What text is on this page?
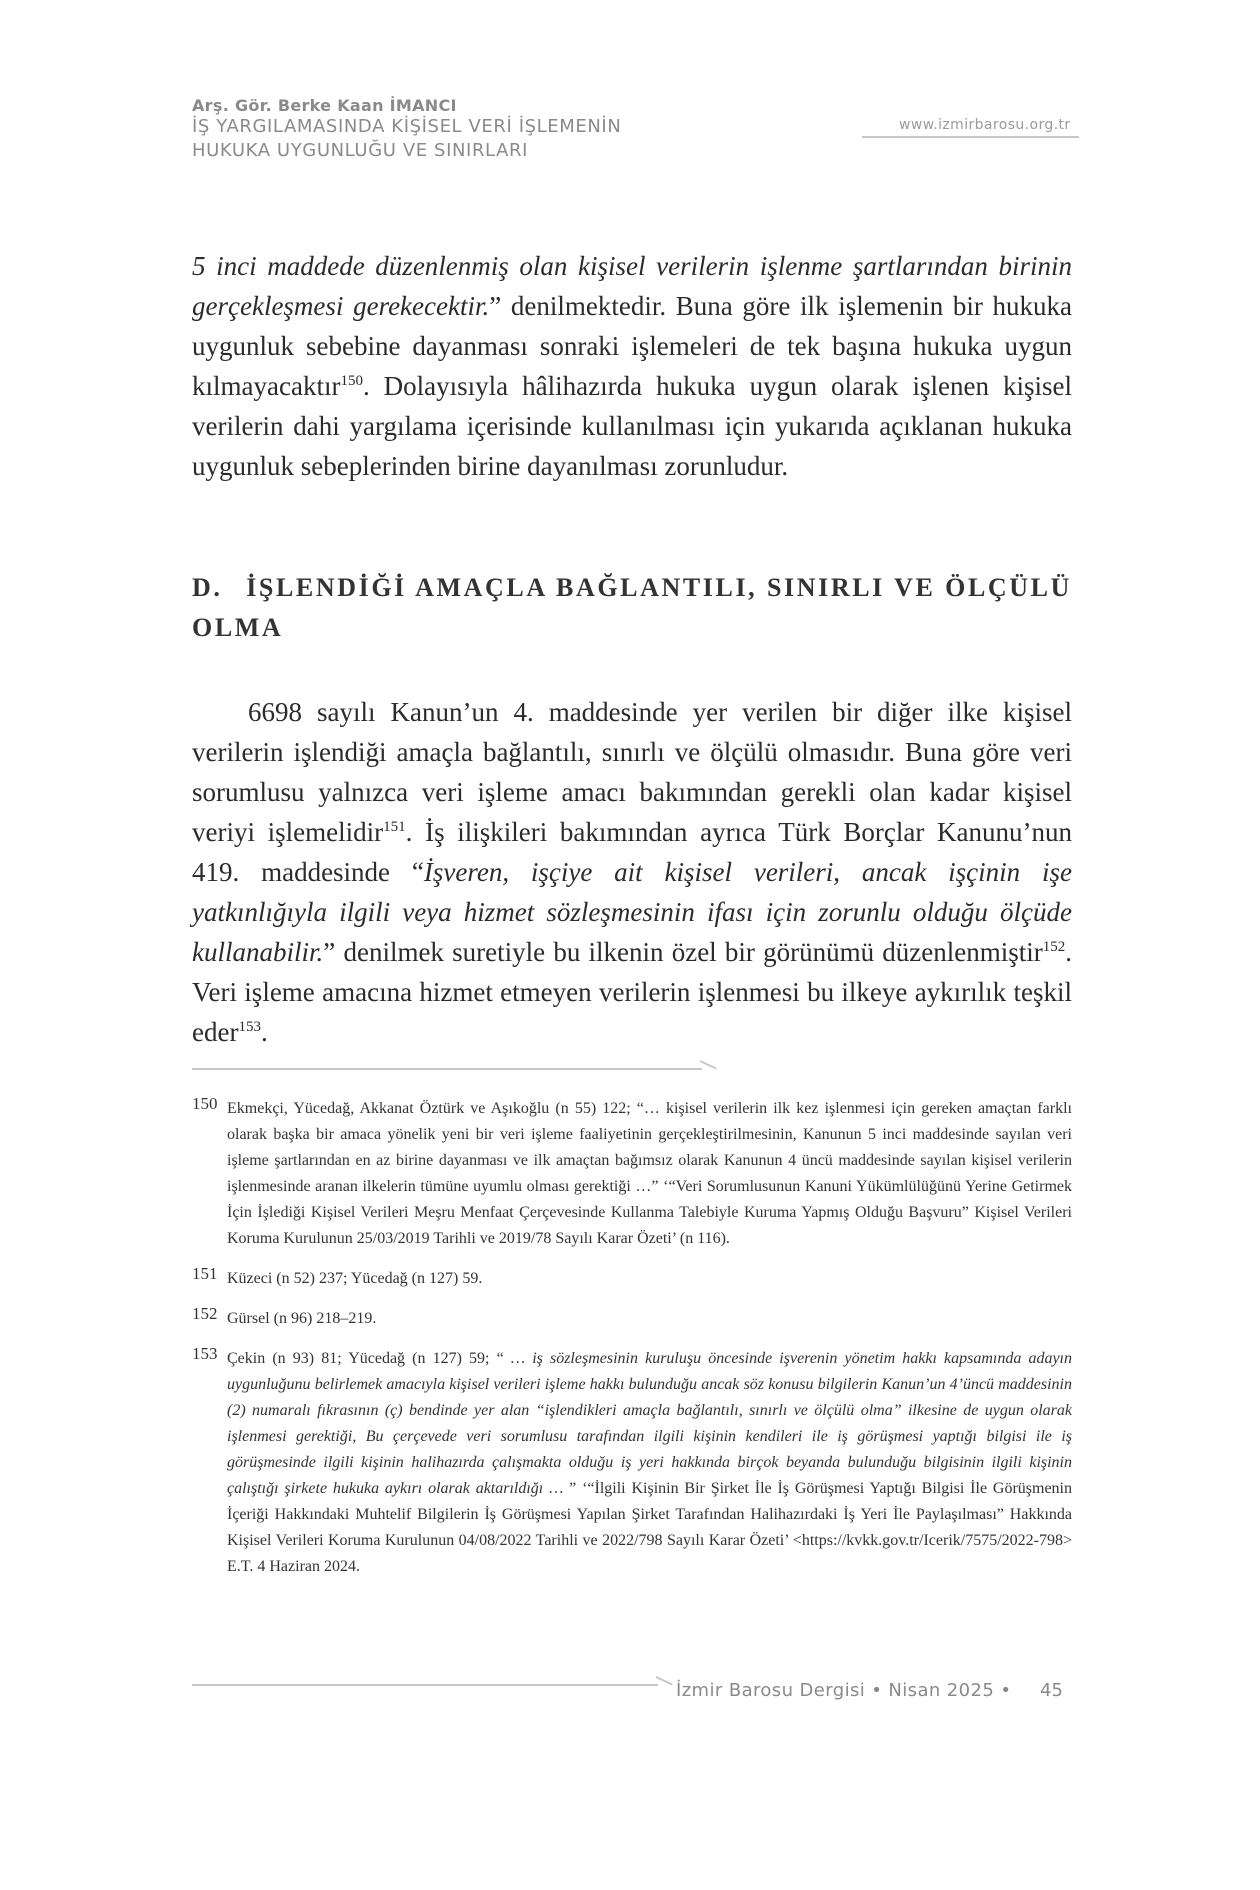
Arş. Gör. Berke Kaan İMANCI
İŞ YARGILAMASINDA KİŞİSEL VERİ İŞLEMENİN
HUKUKA UYGUNLUĞU VE SINIRLARI
www.izmirbarosu.org.tr

5 inci maddede düzenlenmiş olan kişisel verilerin işlenme şartlarından birinin gerçekleşmesi gerekecektir.” denilmektedir. Buna göre ilk işlemenin bir hukuka uygunluk sebebine dayanması sonraki işlemeleri de tek başına hukuka uygun kılmayacaktır$^{150}$. Dolayısıyla hâlihazırda hukuka uygun olarak işlenen kişisel verilerin dahi yargılama içerisinde kullanılması için yukarıda açıklanan hukuka uygunluk sebeplerinden birine dayanılması zorunludur.

D. İŞLENDİĞİ AMAÇLA BAĞLANTILI, SINIRLI VE ÖLÇÜLÜ OLMA

6698 sayılı Kanun’un 4. maddesinde yer verilen bir diğer ilke kişisel verilerin işlendiği amaçla bağlantılı, sınırlı ve ölçülü olmasıdır. Buna göre veri sorumlusu yalnızca veri işleme amacı bakımından gerekli olan kadar kişisel veriyi işlemelidir$^{151}$. İş ilişkileri bakımından ayrıca Türk Borçlar Kanunu’nun 419. maddesinde “İşveren, işçiye ait kişisel verileri, ancak işçinin işe yatkınlığıyla ilgili veya hizmet sözleşmesinin ifası için zorunlu olduğu ölçüde kullanabilir.” denilmek suretiyle bu ilkenin özel bir görünümü düzenlenmiştir$^{152}$. Veri işleme amacına hizmet etmeyen verilerin işlenmesi bu ilkeye aykırılık teşkil eder$^{153}$.

150 Ekmekçi, Yücedağ, Akkanat Öztürk ve Aşıkoğlu (n 55) 122; “… kişisel verilerin ilk kez işlenmesi için gereken amaçtan farklı olarak başka bir amaca yönelik yeni bir veri işleme faaliyetinin gerçekleştirilmesinin, Kanunun 5 inci maddesinde sayılan veri işleme şartlarından en az birine dayanması ve ilk amaçtan bağımsız olarak Kanunun 4 üncü maddesinde sayılan kişisel verilerin işlenmesinde aranan ilkelerin tümüne uyumlu olması gerektiği …” ‘“Veri Sorumlusunun Kanuni Yükümlülüğünü Yerine Getirmek İçin İşlediği Kişisel Verileri Meşru Menfaat Çerçevesinde Kullanma Talebiyle Kuruma Yapmış Olduğu Başvuru” Kişisel Verileri Koruma Kurulunun 25/03/2019 Tarihli ve 2019/78 Sayılı Karar Özeti’ (n 116).
151 Küzeci (n 52) 237; Yücedağ (n 127) 59.
152 Gürsel (n 96) 218–219.
153 Çekin (n 93) 81; Yücedağ (n 127) 59; “ … iş sözleşmesinin kuruluşu öncesinde işverenin yönetim hakkı kapsamında adayın uygunluğunu belirlemek amacıyla kişisel verileri işleme hakkı bulunduğu ancak söz konusu bilgilerin Kanun’un 4’üncü maddesinin (2) numaralı fıkrasının (ç) bendinde yer alan “işlendikleri amaçla bağlantılı, sınırlı ve ölçülü olma” ilkesine de uygun olarak işlenmesi gerektiği, Bu çerçevede veri sorumlusu tarafından ilgili kişinin kendileri ile iş görüşmesi yaptığı bilgisi ile iş görüşmesinde ilgili kişinin halihazırda çalışmakta olduğu iş yeri hakkında birçok beyanda bulunduğu bilgisinin ilgili kişinin çalıştığı şirkete hukuka aykırı olarak aktarıldığı … ” ‘“İlgili Kişinin Bir Şirket İle İş Görüşmesi Yaptığı Bilgisi İle Görüşmenin İçeriği Hakkındaki Muhtelif Bilgilerin İş Görüşmesi Yapılan Şirket Tarafından Halihazırdaki İş Yeri İle Paylaşılması” Hakkında Kişisel Verileri Koruma Kurulunun 04/08/2022 Tarihli ve 2022/798 Sayılı Karar Özeti’ <https://kvkk.gov.tr/Icerik/7575/2022-798> E.T. 4 Haziran 2024.
İzmir Barosu Dergisi • Nisan 2025 • 45
